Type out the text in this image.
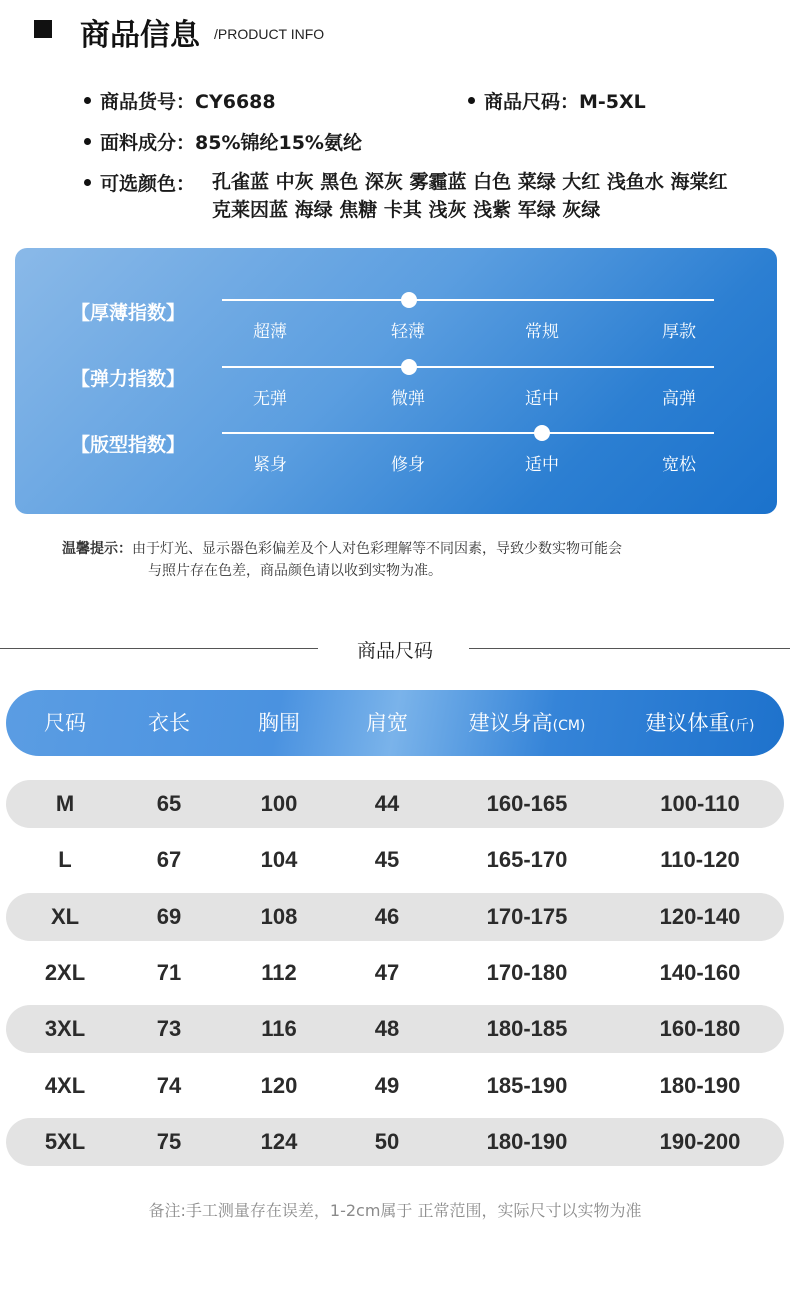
商品信息 /PRODUCT INFO
商品货号：CY6688	商品尺码：M-5XL
面料成分：85%锦纶15%氨纶
可选颜色： 孔雀蓝 中灰 黑色 深灰 雾霾蓝 白色 菜绿 大红 浅鱼水 海棠红 克莱因蓝 海绿 焦糖 卡其 浅灰 浅紫 军绿 灰绿
【厚薄指数】
超薄	轻薄	常规	厚款
【弹力指数】
无弹	微弹	适中	高弹
【版型指数】
紧身	修身	适中	宽松
温馨提示：由于灯光、显示器色彩偏差及个人对色彩理解等不同因素，导致少数实物可能会
与照片存在色差，商品颜色请以收到实物为准。
商品尺码
尺码	衣长	胸围	肩宽	建议身高(CM)	建议体重(斤)
M	65	100	44	160-165	100-110
L	67	104	45	165-170	110-120
XL	69	108	46	170-175	120-140
2XL	71	112	47	170-180	140-160
3XL	73	116	48	180-185	160-180
4XL	74	120	49	185-190	180-190
5XL	75	124	50	180-190	190-200
备注:手工测量存在误差，1-2cm属于 正常范围，实际尺寸以实物为准
